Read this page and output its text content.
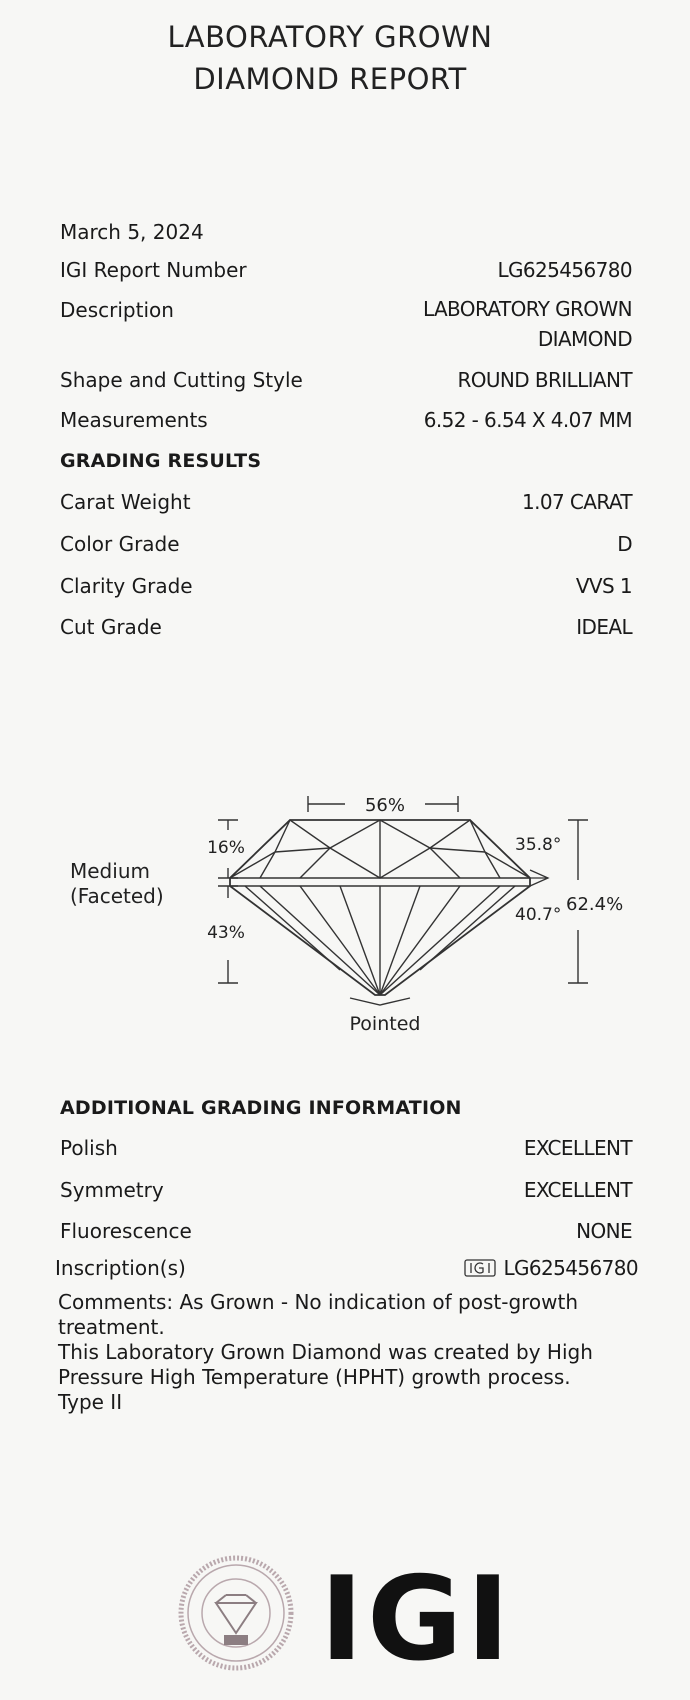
LABORATORY GROWN
DIAMOND REPORT
March 5, 2024
IGI Report Number	LG625456780
Description	LABORATORY GROWN
DIAMOND
Shape and Cutting Style	ROUND BRILLIANT
Measurements	6.52 - 6.54 X 4.07 MM
GRADING RESULTS
Carat Weight	1.07 CARAT
Color Grade	D
Clarity Grade	VVS 1
Cut Grade	IDEAL
56%
16%
43%
Medium
(Faceted)
35.8°
40.7° 62.4%
Pointed
ADDITIONAL GRADING INFORMATION
Polish	EXCELLENT
Symmetry	EXCELLENT
Fluorescence	NONE
Inscription(s)	LG625456780

Comments: As Grown - No indication of post-growth treatment.

This Laboratory Grown Diamond was created by High Pressure High Temperature (HPHT) growth process.

Type II

IGI
